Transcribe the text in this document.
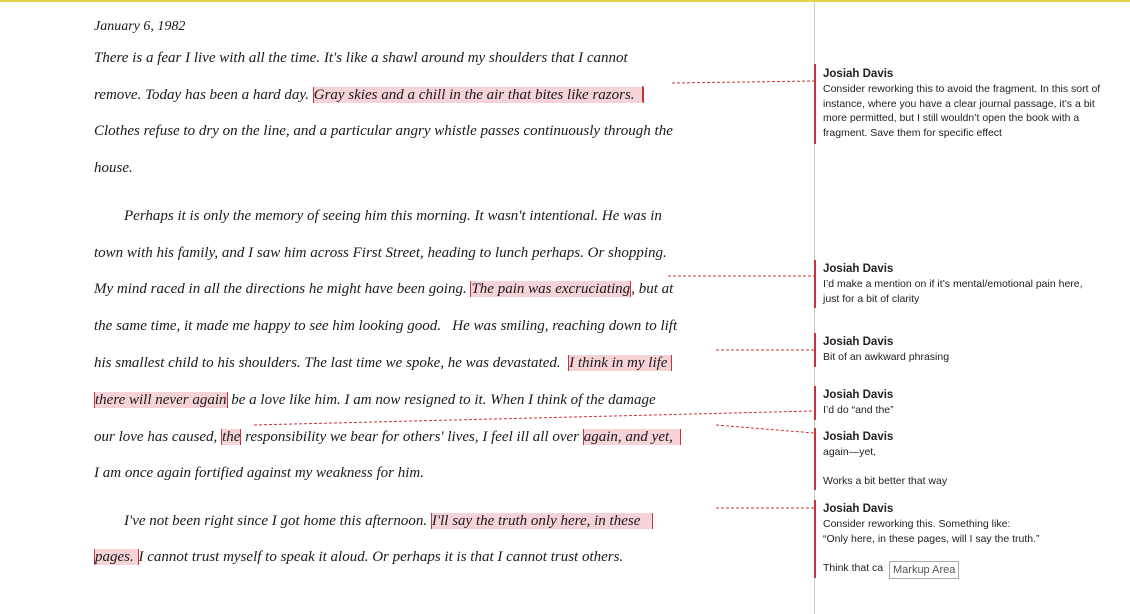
January 6, 1982
There is a fear I live with all the time. It's like a shawl around my shoulders that I cannot
remove. Today has been a hard day. Gray skies and a chill in the air that bites like razors.
Clothes refuse to dry on the line, and a particular angry whistle passes continuously through the
house.
Perhaps it is only the memory of seeing him this morning. It wasn't intentional. He was in
town with his family, and I saw him across First Street, heading to lunch perhaps. Or shopping.
My mind raced in all the directions he might have been going. The pain was excruciating, but at
the same time, it made me happy to see him looking good.   He was smiling, reaching down to lift
his smallest child to his shoulders. The last time we spoke, he was devastated.  I think in my life
there will never again be a love like him. I am now resigned to it. When I think of the damage
our love has caused, the responsibility we bear for others' lives, I feel ill all over again, and yet,
I am once again fortified against my weakness for him.
I've not been right since I got home this afternoon. I'll say the truth only here, in these
pages. I cannot trust myself to speak it aloud. Or perhaps it is that I cannot trust others.
Josiah Davis
Consider reworking this to avoid the fragment. In this sort of
instance, where you have a clear journal passage, it’s a bit
more permitted, but I still wouldn’t open the book with a
fragment. Save them for specific effect
Josiah Davis
I’d make a mention on if it’s mental/emotional pain here,
just for a bit of clarity
Josiah Davis
Bit of an awkward phrasing
Josiah Davis
I’d do “and the”
Josiah Davis
again—yet,
Works a bit better that way
Josiah Davis
Consider reworking this. Something like:
“Only here, in these pages, will I say the truth.”
Think that ca Markup Area
